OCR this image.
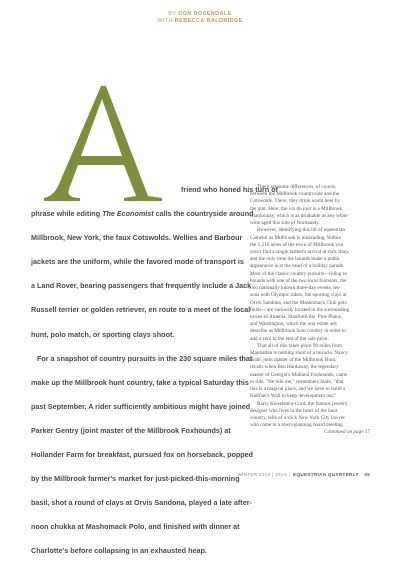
BY DON ROSENDALE
WITH REBECCA BALDRIDGE
friend who honed his turn of
phrase while editing The Economist calls the countryside around
Millbrook, New York, the faux Cotswolds. Wellies and Barbour
jackets are the uniform, while the favored mode of transport is
a Land Rover, bearing passengers that frequently include a Jack
Russell terrier or golden retriever, en route to a meet of the local
hunt, polo match, or sporting clays shoot.
For a snapshot of country pursuits in the 230 square miles that
make up the Millbrook hunt country, take a typical Saturday this
past September. A rider sufficiently ambitious might have joined
Parker Gentry (joint master of the Millbrook Foxhounds) at
Hollander Farm for breakfast, pursued fox on horseback, popped
by the Millbrook farmer's market for just-picked-this-morning
basil, shot a round of clays at Orvis Sandona, played a late after-
noon chukka at Mashomack Polo, and finished with dinner at
Charlotte's before collapsing in an exhausted heap.
There are some differences, of course,
between the Millbrook countryside and the
Cotswolds. There, they drink warm beer by
the pint. Here, the vin du jour is a Millbrook
chardonnay, which is as drinkable as any white
wine aged this side of Normandy.
However, identifying this bit of equestrian
Camelot as Millbrook is misleading. Within
the 1,216 acres of the town of Millbrook you
won't find a single farmer's arrival or tack shop,
and the only time the hounds make a public
appearance is at the head of a holiday parade.
Most of the classic country pursuits—riding to
hounds with one of the two local foxhunts, the
two nationally known three-day events, les-
sons with Olympic riders, the sporting clays at
Orvis Sandona, and the Mashomack Club polo
fields—are variously located in the surrounding
towns of Amenia, Stanfordville, Pine Plains,
and Washington, which the real estate ads
describe as Millbrook hunt country in order to
add a zero to the end of the sale price.
That all of this takes place 90 miles from
Manhattan is nothing short of a miracle. Nancy
Stahl, joint master of the Millbrook Hunt,
recalls when Ben Hardaway, the legendary
master of Georgia's Midland Foxhounds, came
to ride. "He told me," remembers Stahl, "that
this is a magical place, and we have to build a
Hadrian's Wall to keep development out."
Barry Kieselstein-Cord, the famous jewelry
designer who lives in the heart of the hunt
country, tells of a slick New York City lawyer
who came to a town-planning board meeting
Continued on page 57
WINTER 2013 | 2014 | EQUESTRIAN QUARTERLY 49
